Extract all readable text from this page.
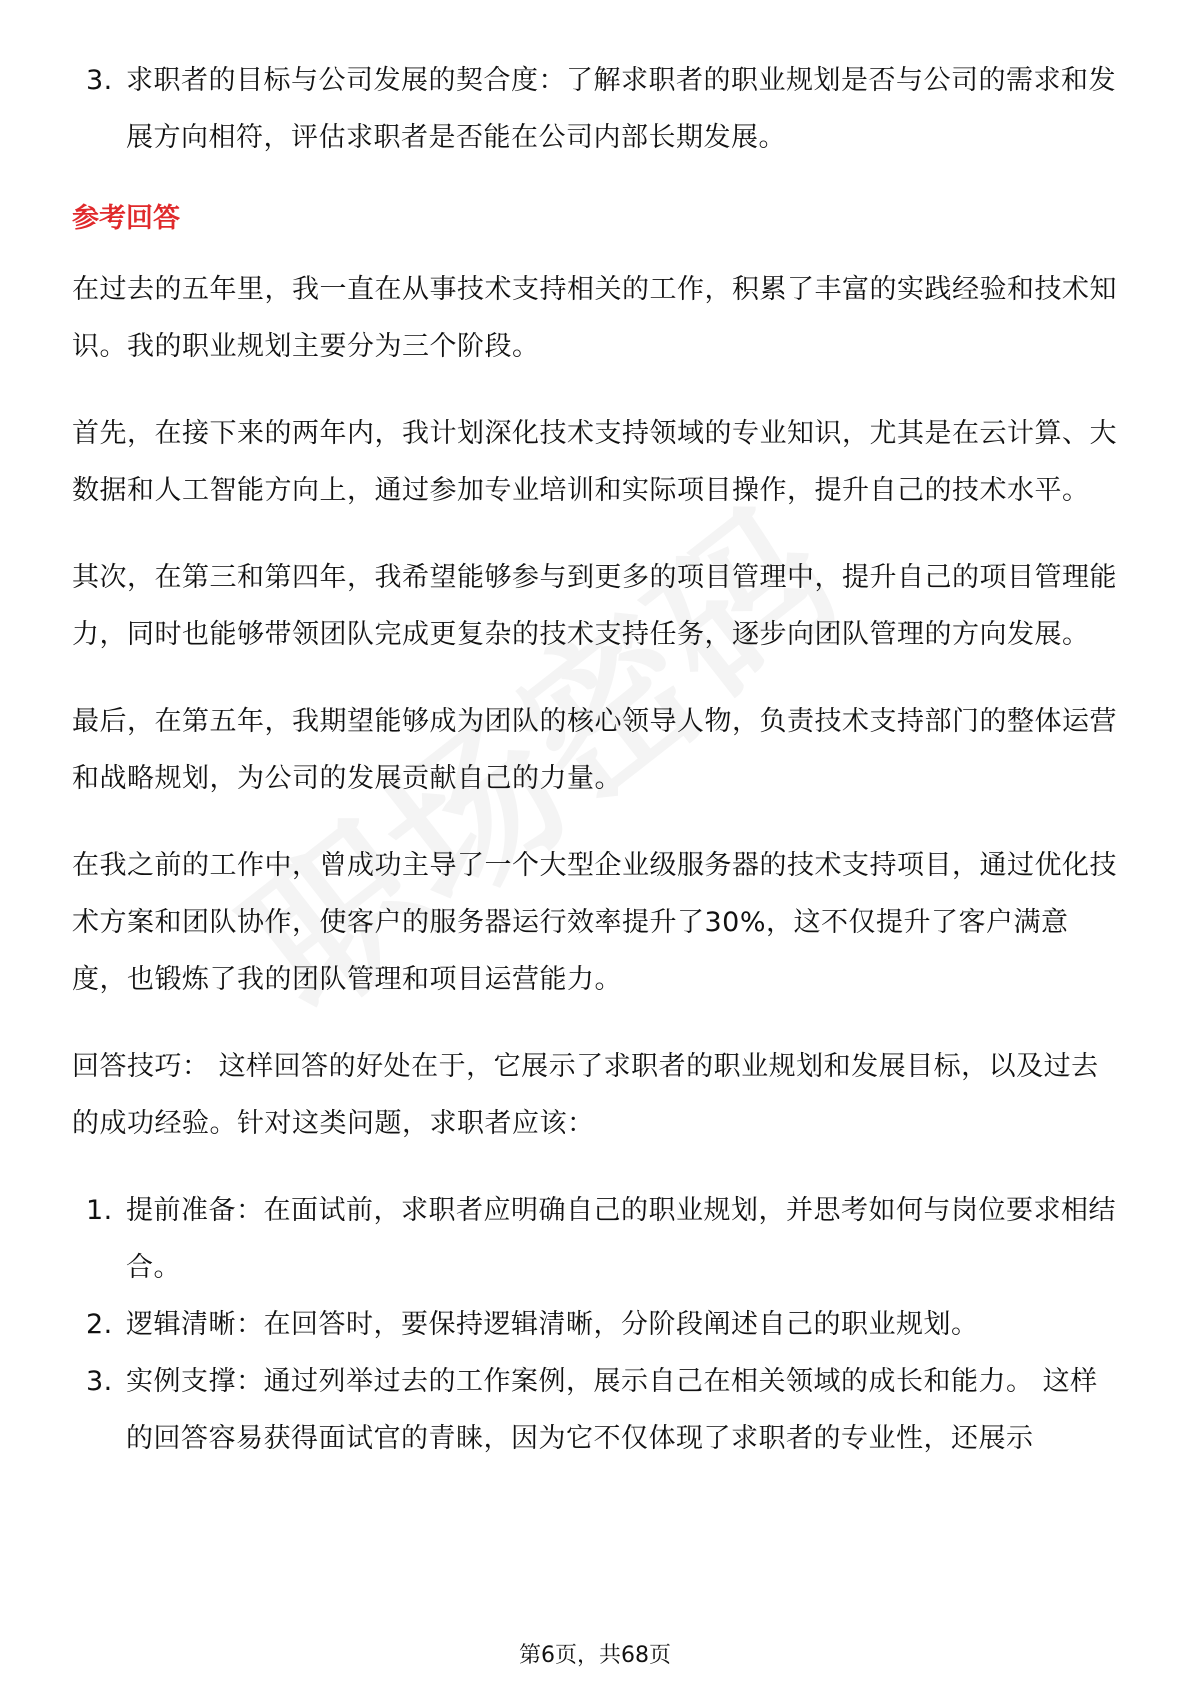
3. 求职者的目标与公司发展的契合度：了解求职者的职业规划是否与公司的需求和发展方向相符，评估求职者是否能在公司内部长期发展。
参考回答

在过去的五年里，我一直在从事技术支持相关的工作，积累了丰富的实践经验和技术知识。我的职业规划主要分为三个阶段。

首先，在接下来的两年内，我计划深化技术支持领域的专业知识，尤其是在云计算、大数据和人工智能方向上，通过参加专业培训和实际项目操作，提升自己的技术水平。

其次，在第三和第四年，我希望能够参与到更多的项目管理中，提升自己的项目管理能力，同时也能够带领团队完成更复杂的技术支持任务，逐步向团队管理的方向发展。

最后，在第五年，我期望能够成为团队的核心领导人物，负责技术支持部门的整体运营和战略规划，为公司的发展贡献自己的力量。

在我之前的工作中，曾成功主导了一个大型企业级服务器的技术支持项目，通过优化技术方案和团队协作，使客户的服务器运行效率提升了30%，这不仅提升了客户满意度，也锻炼了我的团队管理和项目运营能力。

回答技巧： 这样回答的好处在于，它展示了求职者的职业规划和发展目标，以及过去的成功经验。针对这类问题，求职者应该：

1. 提前准备：在面试前，求职者应明确自己的职业规划，并思考如何与岗位要求相结合。
2. 逻辑清晰：在回答时，要保持逻辑清晰，分阶段阐述自己的职业规划。
3. 实例支撑：通过列举过去的工作案例，展示自己在相关领域的成长和能力。 这样的回答容易获得面试官的青睐，因为它不仅体现了求职者的专业性，还展示
第6页，共68页
